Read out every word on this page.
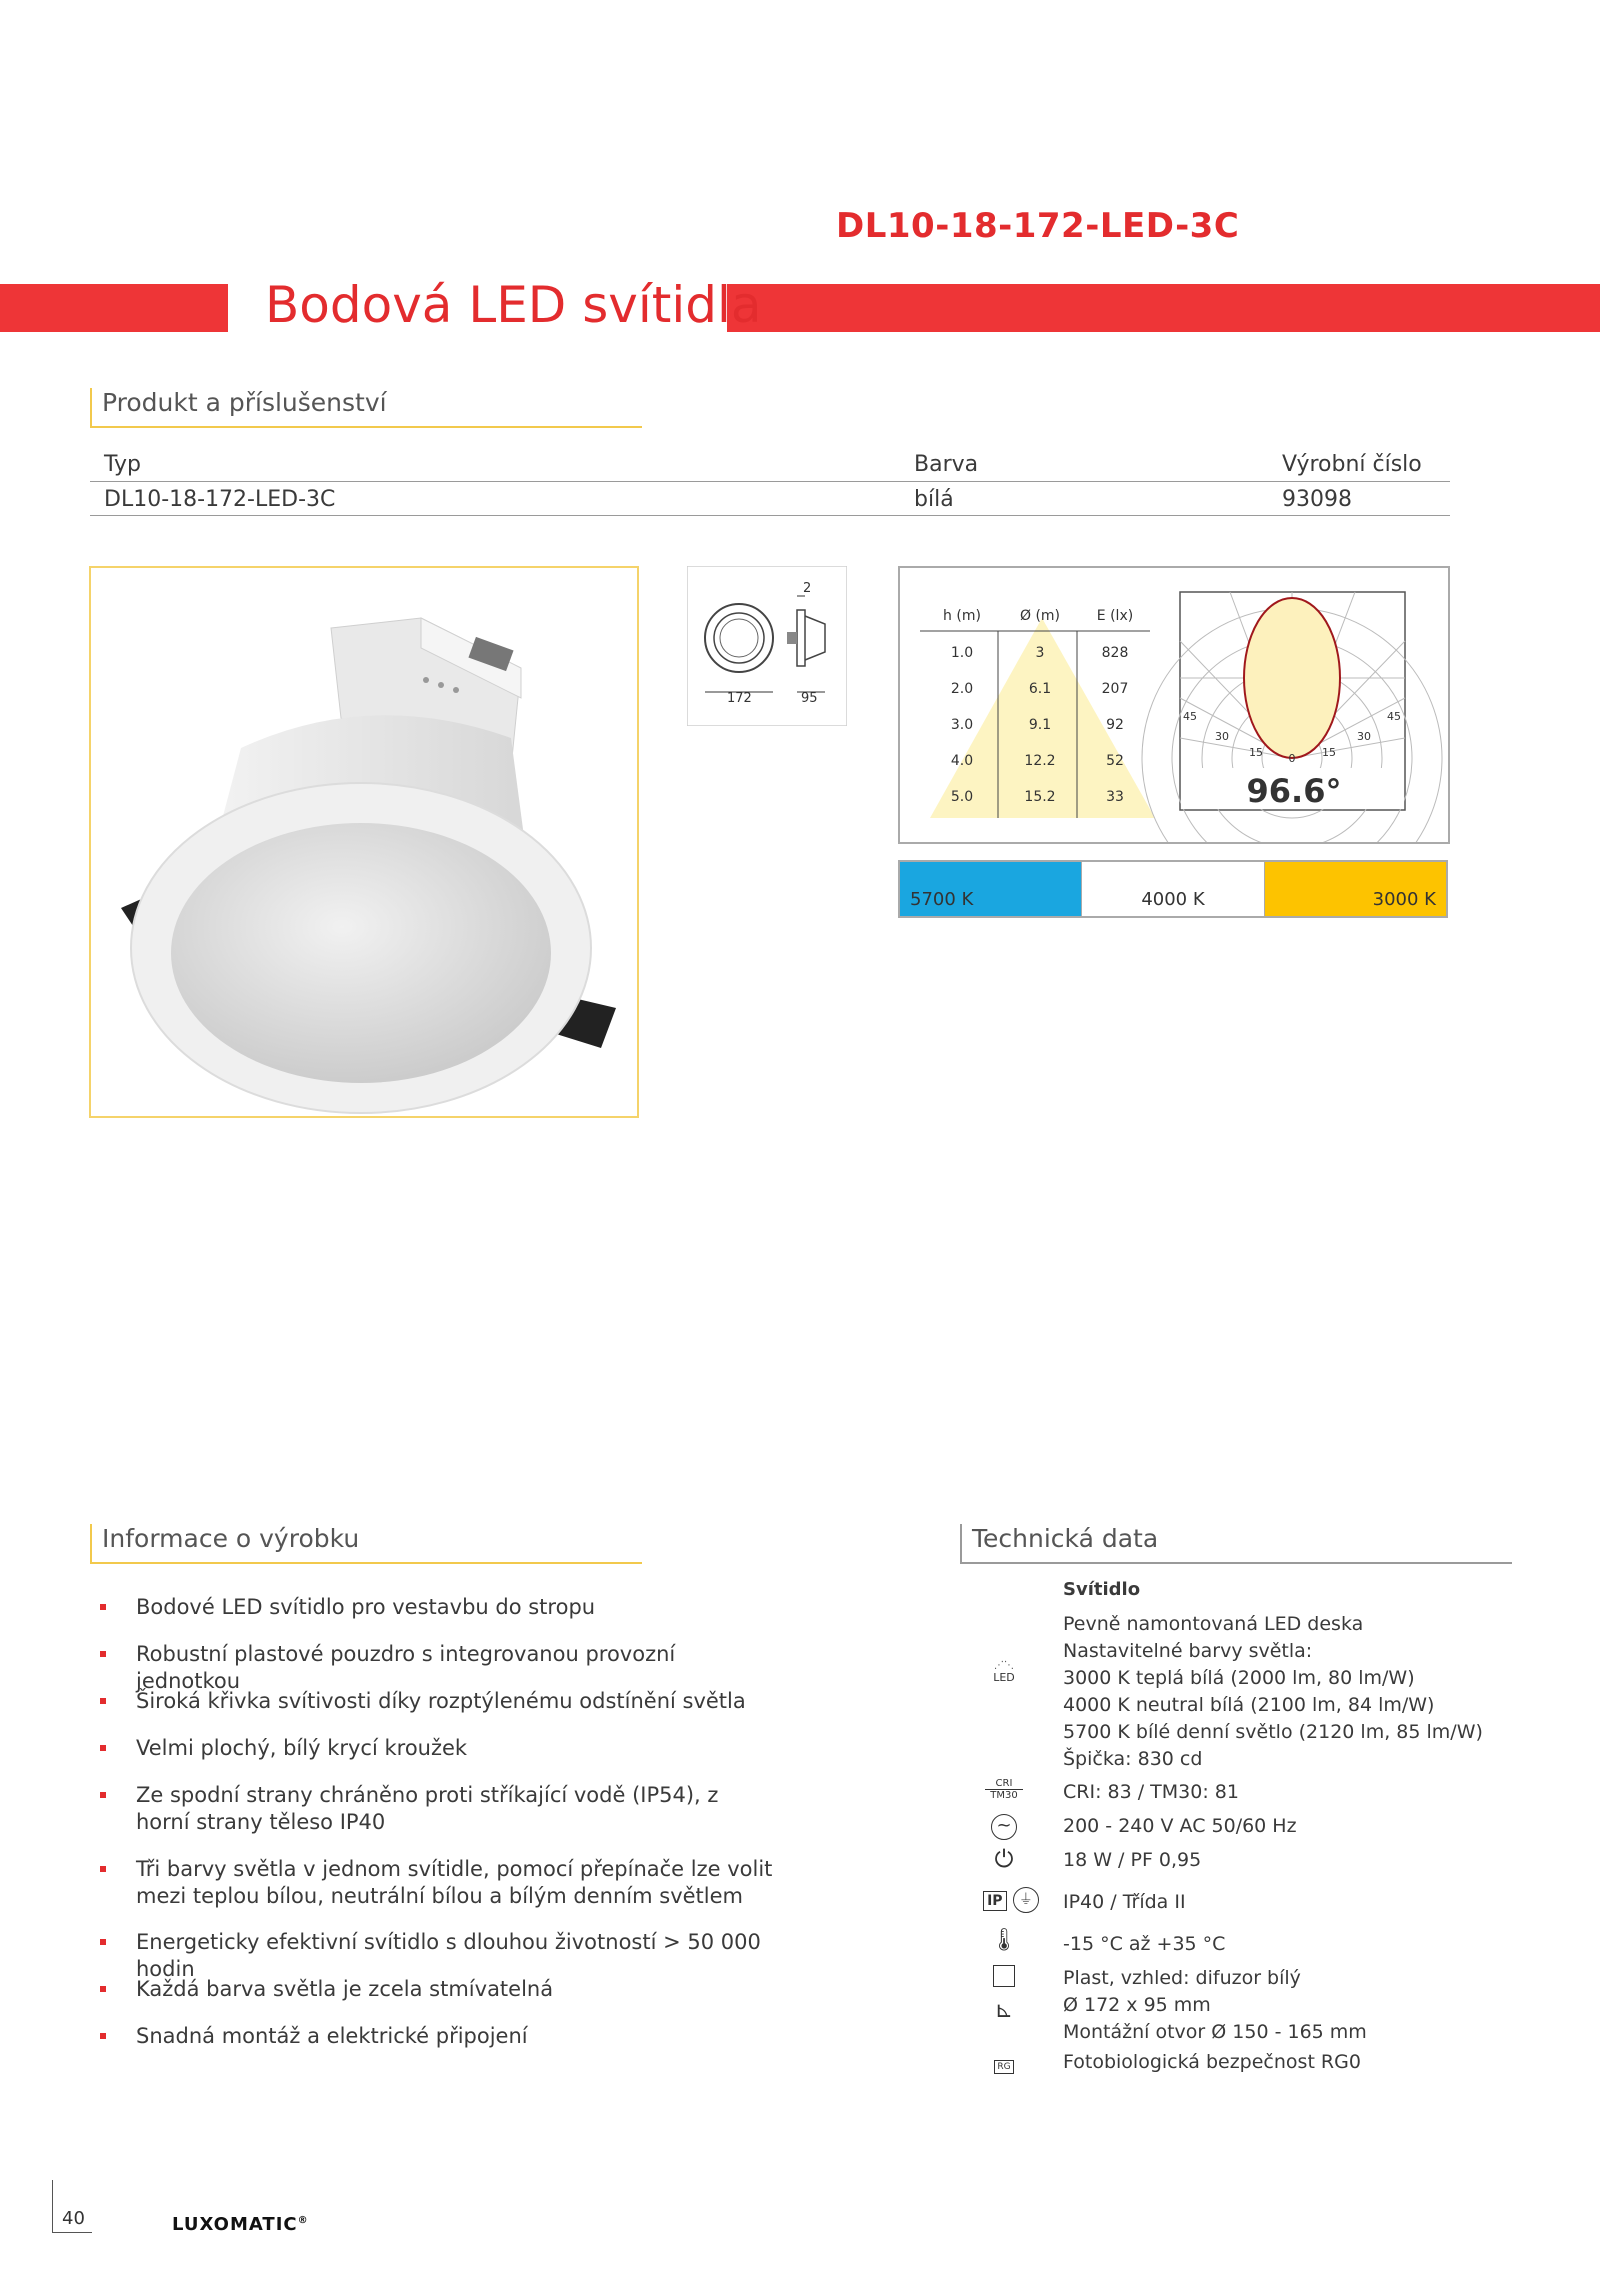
DL10-18-172-LED-3C
Bodová LED svítidla
Produkt a příslušenství
Typ	Barva	Výrobní číslo
DL10-18-172-LED-3C	bílá	93098
2
172	95
h (m)	Ø (m)	E (lx)
1.0	3	828
2.0	6.1	207
3.0	9.1	92
4.0	12.2	52
5.0	15.2	33
45
30
15 0 15
30
45
96.6°
5700 K	4000 K	3000 K
Informace o výrobku
Bodové LED svítidlo pro vestavbu do stropu
Robustní plastové pouzdro s integrovanou provozní jednotkou
Široká křivka svítivosti díky rozptýlenému odstínění světla
Velmi plochý, bílý krycí kroužek
Ze spodní strany chráněno proti stříkající vodě (IP54), z horní strany těleso IP40
Tři barvy světla v jednom svítidle, pomocí přepínače lze volit mezi teplou bílou, neutrální bílou a bílým denním světlem
Energeticky efektivní svítidlo s dlouhou životností > 50 000 hodin
Každá barva světla je zcela stmívatelná
Snadná montáž a elektrické připojení
Technická data
Svítidlo
⋰⋱
LED
Pevně namontovaná LED deska
Nastavitelné barvy světla:
3000 K teplá bílá (2000 lm, 80 lm/W)
4000 K neutral bílá (2100 lm, 84 lm/W)
5700 K bílé denní světlo (2120 lm, 85 lm/W)
Špička: 830 cd
CRI
TM30 CRI: 83 / TM30: 81
~	200 - 240 V AC 50/60 Hz
⏻	18 W / PF 0,95
IP ⏚	IP40 / Třída II
🌡 -15 °C až +35 °C
Plast, vzhled: difuzor bílý
⊾	Ø 172 x 95 mm
Montážní otvor Ø 150 - 165 mm
RG	Fotobiologická bezpečnost RG0
40	LUXOMATIC®
